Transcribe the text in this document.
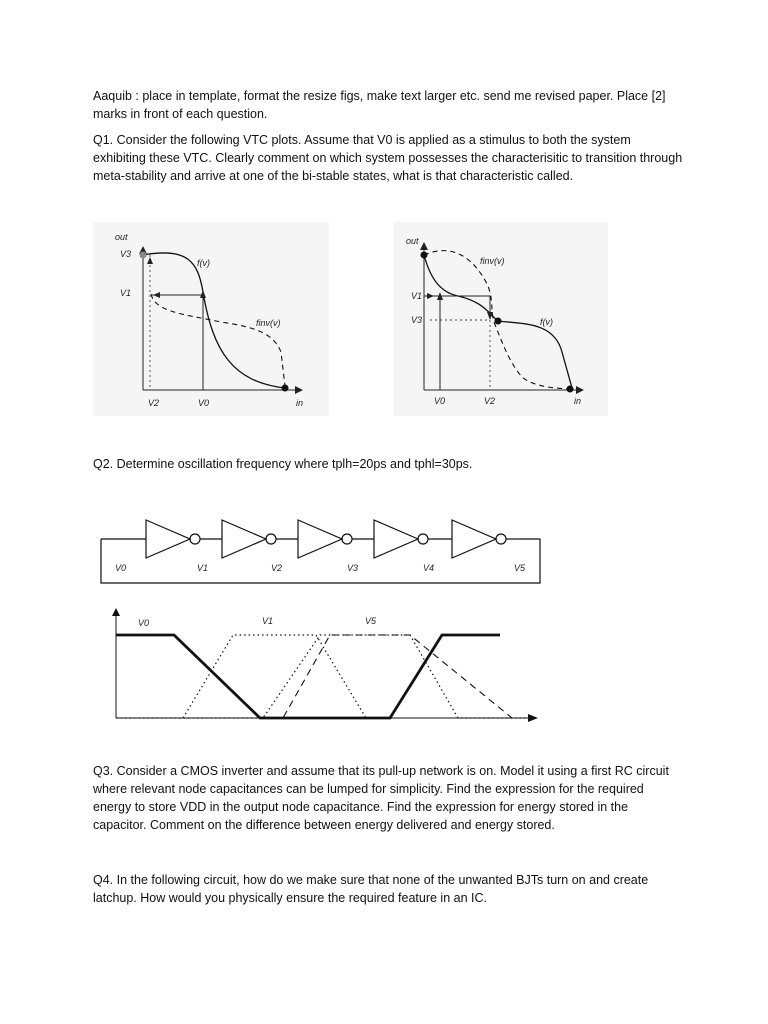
Aaquib : place in template, format the resize figs, make text larger etc. send me revised paper. Place [2] marks in front of each question.

Q1. Consider the following VTC plots. Assume that V0 is applied as a stimulus to both the system exhibiting these VTC. Clearly comment on which system possesses the characterisitic to transition through meta-stability and arrive at one of the bi-stable states, what is that characteristic called.

out
V3
V1
f(v)
finv(v)
V2	V0	in
out
V1
V3
finv(v)
f(v)
V0	V2	in

Q2. Determine oscillation frequency where tplh=20ps and tphl=30ps.

V0	V1	V2	V3	V4	V5
V0	V1	V5

Q3. Consider a CMOS inverter and assume that its pull-up network is on. Model it using a first RC circuit where relevant node capacitances can be lumped for simplicity. Find the expression for the required energy to store VDD in the output node capacitance. Find the expression for energy stored in the capacitor. Comment on the difference between energy delivered and energy stored.

Q4. In the following circuit, how do we make sure that none of the unwanted BJTs turn on and create latchup. How would you physically ensure the required feature in an IC.
